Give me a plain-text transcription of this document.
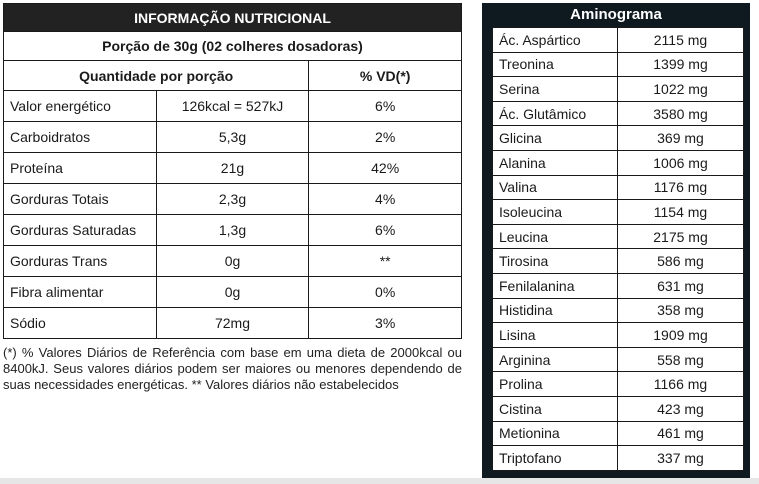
INFORMAÇÃO NUTRICIONAL		
Porção de 30g (02 colheres dosadoras)		
Quantidade por porção		% VD(*)
Valor energético	126kcal = 527kJ	6%
Carboidratos	5,3g	2%
Proteína	21g	42%
Gorduras Totais	2,3g	4%
Gorduras Saturadas	1,3g	6%
Gorduras Trans	0g	**
Fibra alimentar	0g	0%
Sódio	72mg	3%
(*) % Valores Diários de Referência com base em uma dieta de 2000kcal ou 8400kJ. Seus valores diários podem ser maiores ou menores dependendo de suas necessidades energéticas. ** Valores diários não estabelecidos
Aminograma
Ác. Aspártico	2115 mg
Treonina	1399 mg
Serina	1022 mg
Ác. Glutâmico	3580 mg
Glicina	369 mg
Alanina	1006 mg
Valina	1176 mg
Isoleucina	1154 mg
Leucina	2175 mg
Tirosina	586 mg
Fenilalanina	631 mg
Histidina	358 mg
Lisina	1909 mg
Arginina	558 mg
Prolina	1166 mg
Cistina	423 mg
Metionina	461 mg
Triptofano	337 mg
